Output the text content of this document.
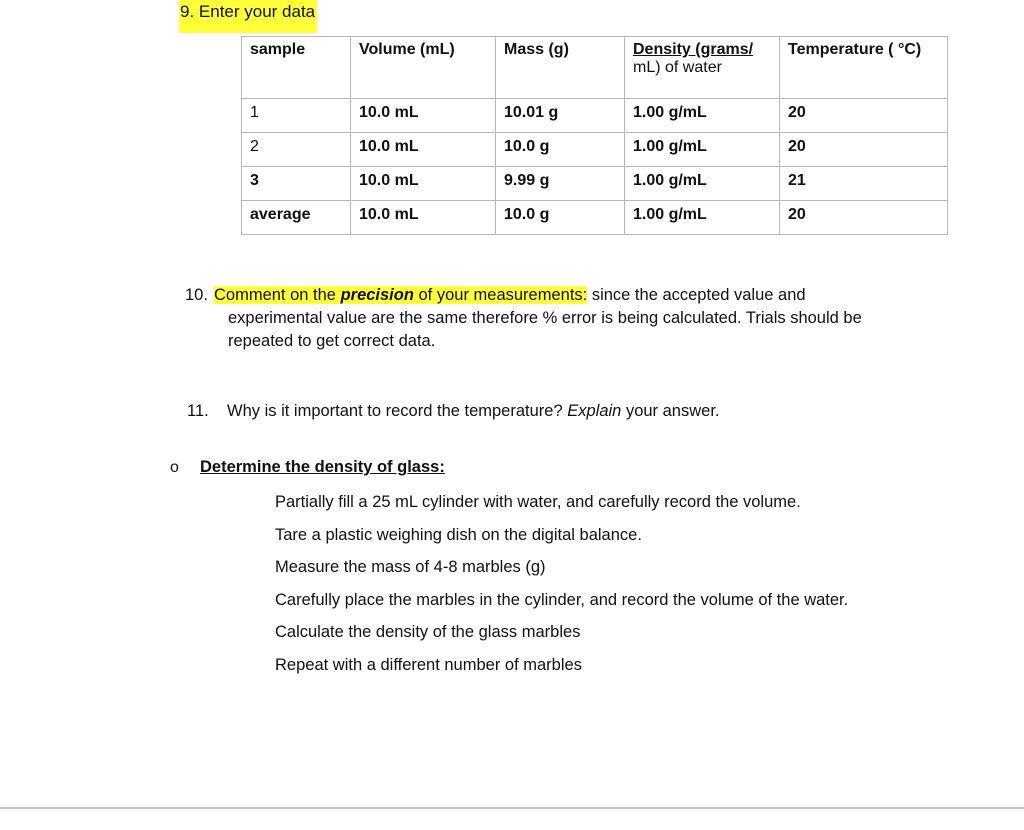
9. Enter your data
sample	Volume (mL)	Mass (g)	Density (grams/
mL) of water	Temperature ( °C)
1	10.0 mL	10.01 g	1.00 g/mL	20
2	10.0 mL	10.0 g	1.00 g/mL	20
3	10.0 mL	9.99 g	1.00 g/mL	21
average	10.0 mL	10.0 g	1.00 g/mL	20
10. Comment on the precision of your measurements: since the accepted value and
experimental value are the same therefore % error is being calculated. Trials should be
repeated to get correct data.
11. Why is it important to record the temperature? Explain your answer.
o Determine the density of glass:
Partially fill a 25 mL cylinder with water, and carefully record the volume.
Tare a plastic weighing dish on the digital balance.
Measure the mass of 4-8 marbles (g)
Carefully place the marbles in the cylinder, and record the volume of the water.
Calculate the density of the glass marbles
Repeat with a different number of marbles
